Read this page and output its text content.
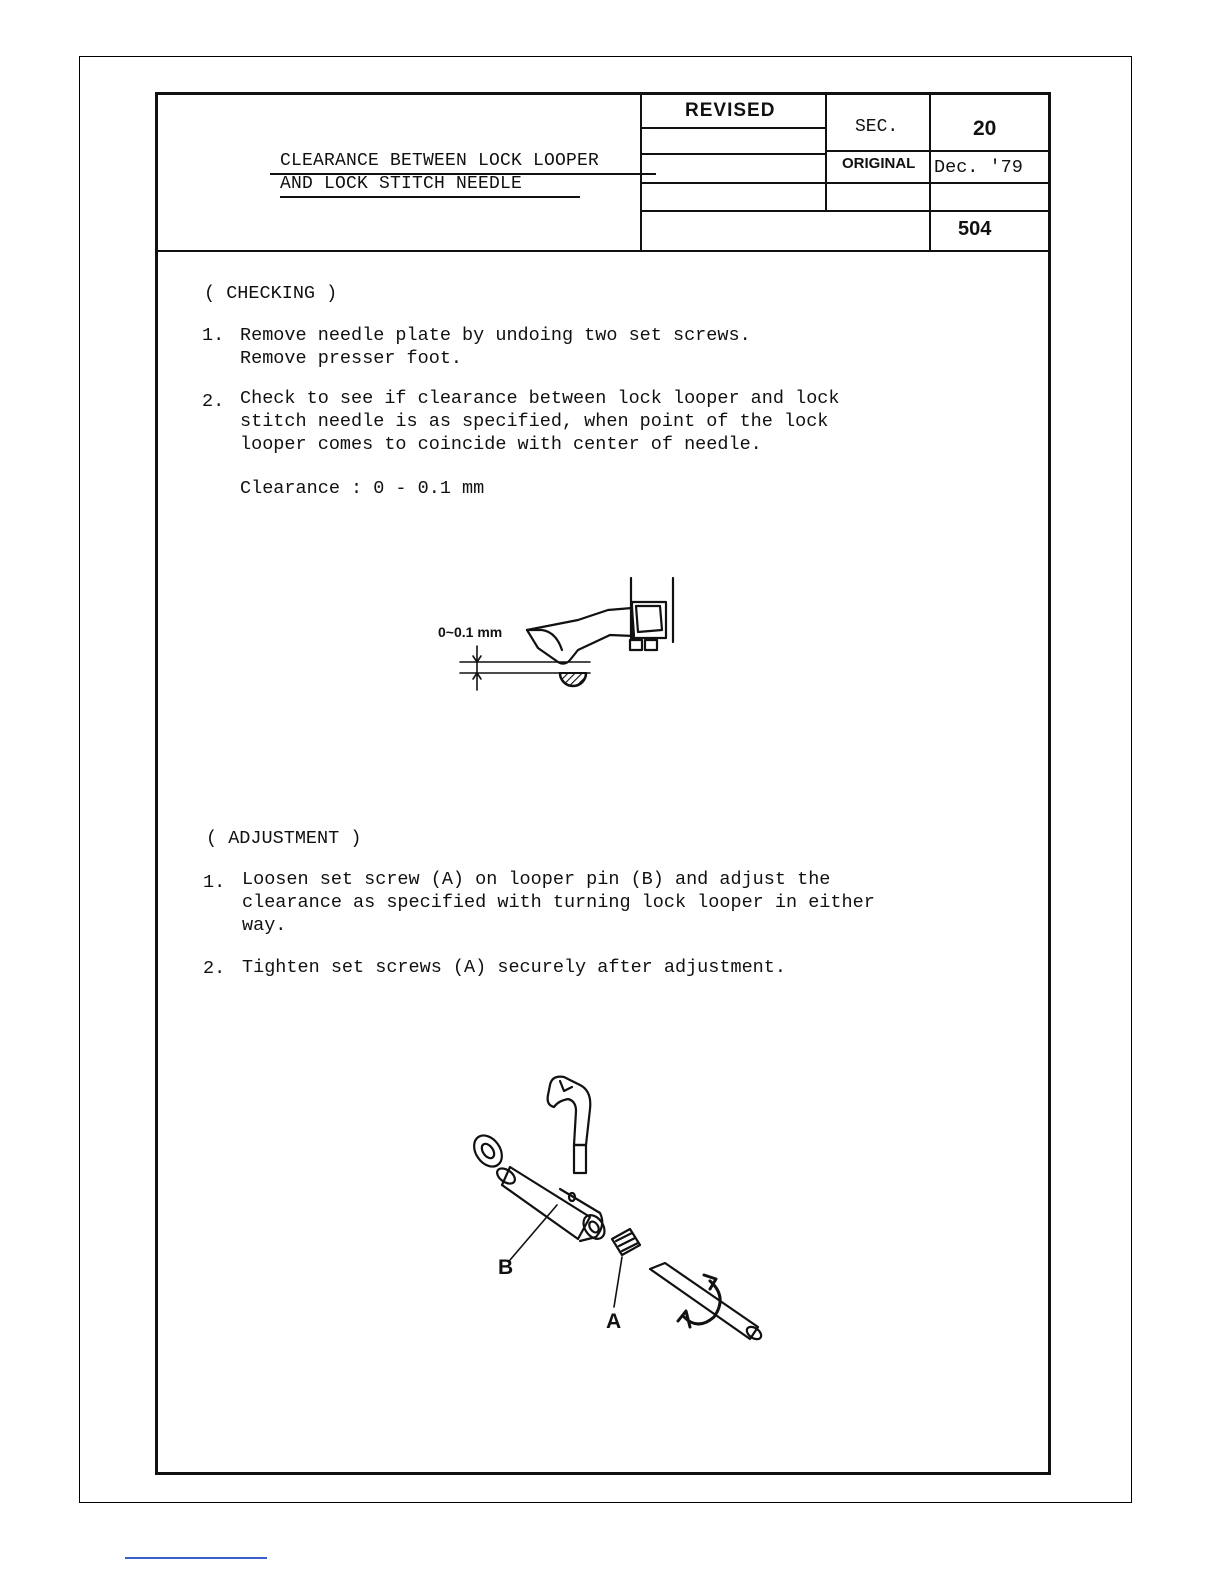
CLEARANCE BETWEEN LOCK LOOPER
AND LOCK STITCH NEEDLE
REVISED
SEC.	20
ORIGINAL Dec. '79
504
( CHECKING )
1. Remove needle plate by undoing two set screws.
Remove presser foot.
2. Check to see if clearance between lock looper and lock
stitch needle is as specified, when point of the lock
looper comes to coincide with center of needle.
Clearance : 0 - 0.1 mm
0~0.1 mm
( ADJUSTMENT )
1. Loosen set screw (A) on looper pin (B) and adjust the
clearance as specified with turning lock looper in either
way.
2. Tighten set screws (A) securely after adjustment.
B
A
